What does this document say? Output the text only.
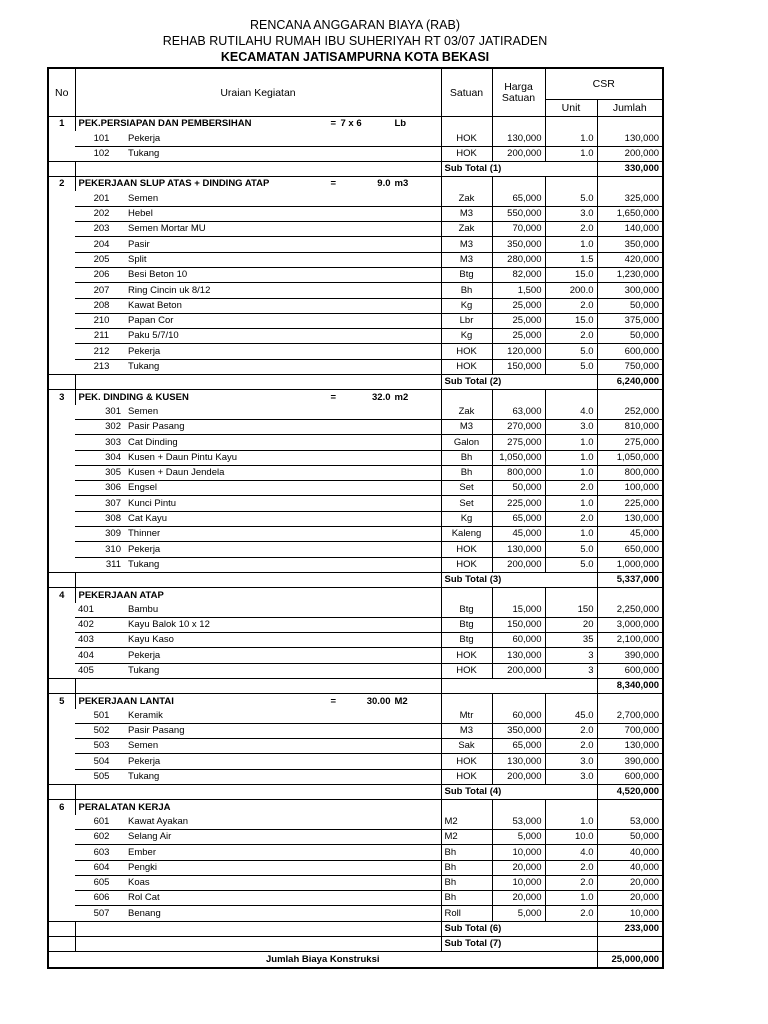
RENCANA ANGGARAN BIAYA (RAB)
REHAB RUTILAHU RUMAH IBU SUHERIYAH RT 03/07 JATIRADEN
KECAMATAN JATISAMPURNA KOTA BEKASI
No	Uraian Kegiatan		Satuan	Harga Satuan	CSR	
					Unit	Jumlah
1	PEK.PERSIAPAN DAN PEMBERSIHAN = 7 x 6 Lb					

	101	Pekerja	HOK	130,000	1.0	130,000
	102	Tukang	HOK	200,000	1.0	200,000
			Sub Total (1)			330,000
2	PEKERJAAN SLUP ATAS + DINDING ATAP = 9.0 m3					

	201	Semen	Zak	65,000	5.0	325,000
	202	Hebel	M3	550,000	3.0	1,650,000
	203	Semen Mortar MU	Zak	70,000	2.0	140,000
	204	Pasir	M3	350,000	1.0	350,000
	205	Split	M3	280,000	1.5	420,000
	206	Besi Beton 10	Btg	82,000	15.0	1,230,000
	207	Ring Cincin uk 8/12	Bh	1,500	200.0	300,000
	208	Kawat Beton	Kg	25,000	2.0	50,000
	210	Papan Cor	Lbr	25,000	15.0	375,000
	211	Paku 5/7/10	Kg	25,000	2.0	50,000
	212	Pekerja	HOK	120,000	5.0	600,000
	213	Tukang	HOK	150,000	5.0	750,000
			Sub Total (2)			6,240,000
3	PEK. DINDING & KUSEN = 32.0 m2					

	301	Semen	Zak	63,000	4.0	252,000
	302	Pasir Pasang	M3	270,000	3.0	810,000
	303	Cat Dinding	Galon	275,000	1.0	275,000
	304	Kusen + Daun Pintu Kayu	Bh	1,050,000	1.0	1,050,000
	305	Kusen + Daun Jendela	Bh	800,000	1.0	800,000
	306	Engsel	Set	50,000	2.0	100,000
	307	Kunci Pintu	Set	225,000	1.0	225,000
	308	Cat Kayu	Kg	65,000	2.0	130,000
	309	Thinner	Kaleng	45,000	1.0	45,000
	310	Pekerja	HOK	130,000	5.0	650,000
	311	Tukang	HOK	200,000	5.0	1,000,000
			Sub Total (3)			5,337,000
4	PEKERJAAN ATAP					

	401	Bambu	Btg	15,000	150	2,250,000
	402	Kayu Balok 10 x 12	Btg	150,000	20	3,000,000
	403	Kayu Kaso	Btg	60,000	35	2,100,000
	404	Pekerja	HOK	130,000	3	390,000
	405	Tukang	HOK	200,000	3	600,000
						8,340,000
5	PEKERJAAN LANTAI = 30.00 M2					

	501	Keramik	Mtr	60,000	45.0	2,700,000
	502	Pasir Pasang	M3	350,000	2.0	700,000
	503	Semen	Sak	65,000	2.0	130,000
	504	Pekerja	HOK	130,000	3.0	390,000
	505	Tukang	HOK	200,000	3.0	600,000
			Sub Total (4)			4,520,000
6	PERALATAN KERJA					

	601	Kawat Ayakan	M2	53,000	1.0	53,000
	602	Selang Air	M2	5,000	10.0	50,000
	603	Ember	Bh	10,000	4.0	40,000
	604	Pengki	Bh	20,000	2.0	40,000
	605	Koas	Bh	10,000	2.0	20,000
	606	Rol Cat	Bh	20,000	1.0	20,000
	507	Benang	Roll	5,000	2.0	10,000
			Sub Total (6)			233,000
			Sub Total (7)			
Jumlah Biaya Konstruksi						25,000,000
